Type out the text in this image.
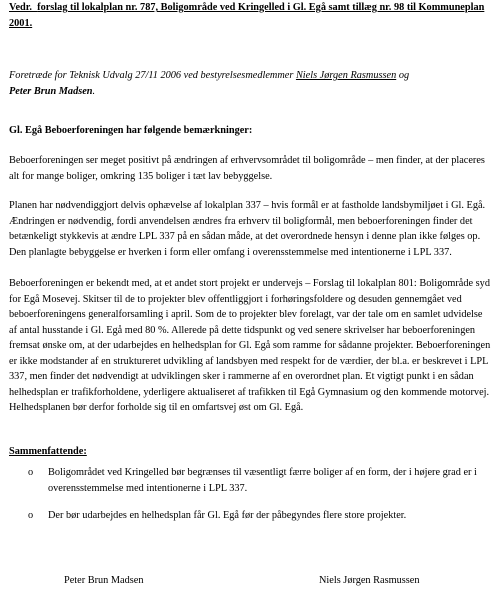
Vedr. forslag til lokalplan nr. 787, Boligområde ved Kringelled i Gl. Egå samt tillæg nr. 98 til Kommuneplan 2001.

Foretræde for Teknisk Udvalg 27/11 2006 ved bestyrelsesmedlemmer Niels Jørgen Rasmussen og
Peter Brun Madsen.

Gl. Egå Beboerforeningen har følgende bemærkninger:

Beboerforeningen ser meget positivt på ændringen af erhvervsområdet til boligområde – men finder, at der placeres alt for mange boliger, omkring 135 boliger i tæt lav bebyggelse.

Planen har nødvendiggjort delvis ophævelse af lokalplan 337 – hvis formål er at fastholde landsbymiljøet i Gl. Egå. Ændringen er nødvendig, fordi anvendelsen ændres fra erhverv til boligformål, men beboerforeningen finder det betænkeligt stykkevis at ændre LPL 337 på en sådan måde, at det overordnede hensyn i denne plan ikke følges op. Den planlagte bebyggelse er hverken i form eller omfang i overensstemmelse med intentionerne i LPL 337.

Beboerforeningen er bekendt med, at et andet stort projekt er undervejs – Forslag til lokalplan 801: Boligområde syd for Egå Mosevej. Skitser til de to projekter blev offentliggjort i forhøringsfoldere og desuden gennemgået ved beboerforeningens generalforsamling i april. Som de to projekter blev forelagt, var der tale om en samlet udvidelse af antal husstande i Gl. Egå med 80 %. Allerede på dette tidspunkt og ved senere skrivelser har beboerforeningen fremsat ønske om, at der udarbejdes en helhedsplan for Gl. Egå som ramme for sådanne projekter. Beboerforeningen er ikke modstander af en struktureret udvikling af landsbyen med respekt for de værdier, der bl.a. er beskrevet i LPL 337, men finder det nødvendigt at udviklingen sker i rammerne af en overordnet plan. Et vigtigt punkt i en sådan helhedsplan er trafikforholdene, yderligere aktualiseret af trafikken til Egå Gymnasium og den kommende motorvej. Helhedsplanen bør derfor forholde sig til en omfartsvej øst om Gl. Egå.

Sammenfattende:

o Boligområdet ved Kringelled bør begrænses til væsentligt færre boliger af en form, der i højere grad er i overensstemmelse med intentionerne i LPL 337.
o Der bør udarbejdes en helhedsplan får Gl. Egå før der påbegyndes flere store projekter.
Peter Brun Madsen	Niels Jørgen Rasmussen
